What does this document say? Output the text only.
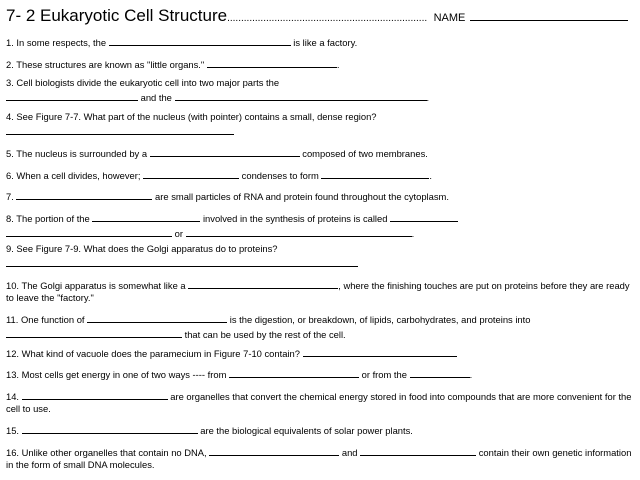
7- 2 Eukaryotic Cell Structure........................................................................ NAME
1. In some respects, the	is like a factory.
2. These structures are known as "little organs."	.
3. Cell biologists divide the eukaryotic cell into two major parts the
and the	.
4. See Figure 7-7. What part of the nucleus (with pointer) contains a small, dense region?

5. The nucleus is surrounded by a	composed of two membranes.
6. When a cell divides, however;	condenses to form	.
7.	are small particles of RNA and protein found throughout the cytoplasm.
8. The portion of the	involved in the synthesis of proteins is called
or	.
9. See Figure 7-9. What does the Golgi apparatus do to proteins?

10. The Golgi apparatus is somewhat like a	, where the finishing touches are put on proteins before they are ready to leave the "factory."
11. One function of	is the digestion, or breakdown, of lipids, carbohydrates, and proteins into
that can be used by the rest of the cell.
12. What kind of vacuole does the paramecium in Figure 7-10 contain?
13. Most cells get energy in one of two ways ---- from	or from the	.
14.	are organelles that convert the chemical energy stored in food into compounds that are more convenient for the cell to use.
15.	are the biological equivalents of solar power plants.
16. Unlike other organelles that contain no DNA,	and	contain their own genetic information in the form of small DNA molecules.
